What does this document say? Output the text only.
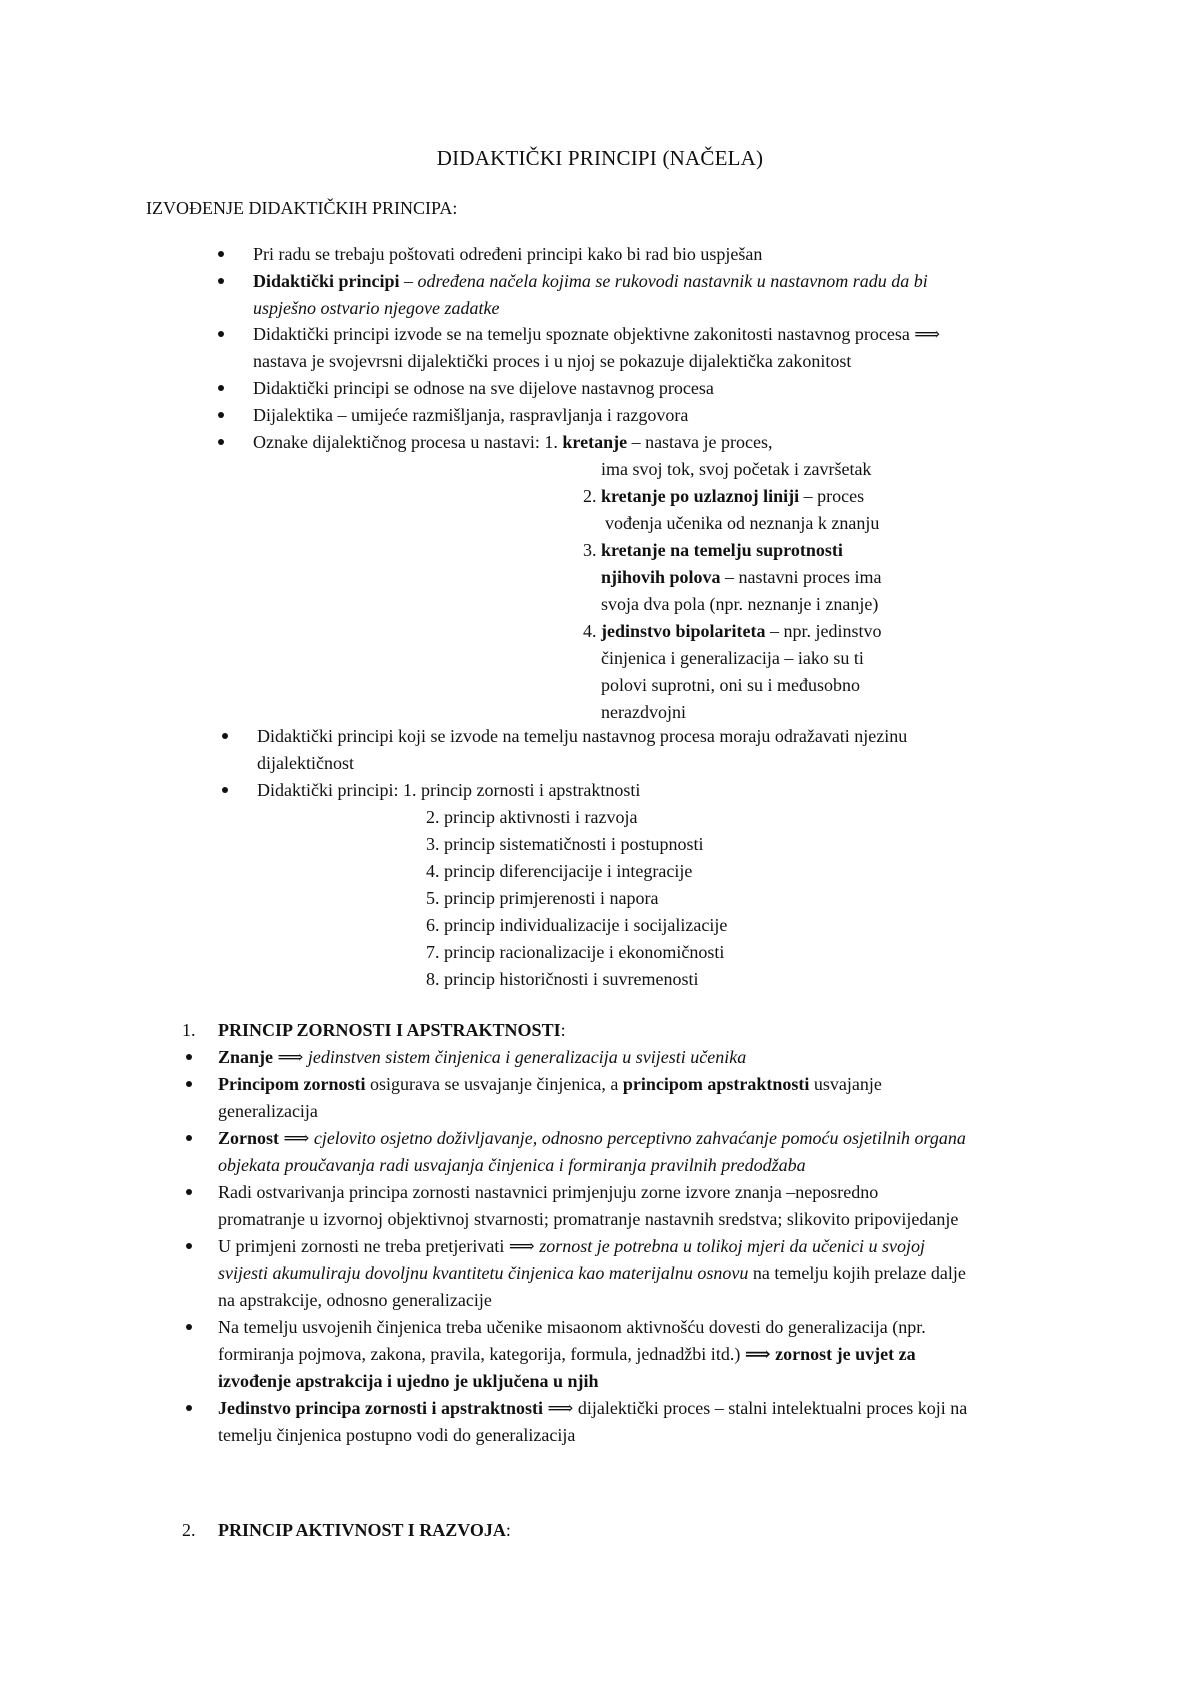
DIDAKTIČKI PRINCIPI (NAČELA)
IZVOĐENJE DIDAKTIČKIH PRINCIPA:
Pri radu se trebaju poštovati određeni principi kako bi rad bio uspješan
Didaktički principi – određena načela kojima se rukovodi nastavnik u nastavnom radu da bi
uspješno ostvario njegove zadatke
Didaktički principi izvode se na temelju spoznate objektivne zakonitosti nastavnog procesa ⟹
nastava je svojevrsni dijalektički proces i u njoj se pokazuje dijalektička zakonitost
Didaktički principi se odnose na sve dijelove nastavnog procesa
Dijalektika – umijeće razmišljanja, raspravljanja i razgovora
Oznake dijalektičnog procesa u nastavi: 1. kretanje – nastava je proces,
ima svoj tok, svoj početak i završetak
2. kretanje po uzlaznoj liniji – proces
vođenja učenika od neznanja k znanju
3. kretanje na temelju suprotnosti
njihovih polova – nastavni proces ima
svoja dva pola (npr. neznanje i znanje)
4. jedinstvo bipolariteta – npr. jedinstvo
činjenica i generalizacija – iako su ti
polovi suprotni, oni su i međusobno
nerazdvojni
Didaktički principi koji se izvode na temelju nastavnog procesa moraju odražavati njezinu
dijalektičnost
Didaktički principi: 1. princip zornosti i apstraktnosti
2. princip aktivnosti i razvoja
3. princip sistematičnosti i postupnosti
4. princip diferencijacije i integracije
5. princip primjerenosti i napora
6. princip individualizacije i socijalizacije
7. princip racionalizacije i ekonomičnosti
8. princip historičnosti i suvremenosti
1. PRINCIP ZORNOSTI I APSTRAKTNOSTI:
Znanje ⟹ jedinstven sistem činjenica i generalizacija u svijesti učenika
Principom zornosti osigurava se usvajanje činjenica, a principom apstraktnosti usvajanje
generalizacija
Zornost ⟹ cjelovito osjetno doživljavanje, odnosno perceptivno zahvaćanje pomoću osjetilnih organa
objekata proučavanja radi usvajanja činjenica i formiranja pravilnih predodžaba
Radi ostvarivanja principa zornosti nastavnici primjenjuju zorne izvore znanja –neposredno
promatranje u izvornoj objektivnoj stvarnosti; promatranje nastavnih sredstva; slikovito pripovijedanje
U primjeni zornosti ne treba pretjerivati ⟹ zornost je potrebna u tolikoj mjeri da učenici u svojoj
svijesti akumuliraju dovoljnu kvantitetu činjenica kao materijalnu osnovu na temelju kojih prelaze dalje
na apstrakcije, odnosno generalizacije
Na temelju usvojenih činjenica treba učenike misaonom aktivnošću dovesti do generalizacija (npr.
formiranja pojmova, zakona, pravila, kategorija, formula, jednadžbi itd.) ⟹ zornost je uvjet za
izvođenje apstrakcija i ujedno je uključena u njih
Jedinstvo principa zornosti i apstraktnosti ⟹ dijalektički proces – stalni intelektualni proces koji na
temelju činjenica postupno vodi do generalizacija
2. PRINCIP AKTIVNOST I RAZVOJA:
